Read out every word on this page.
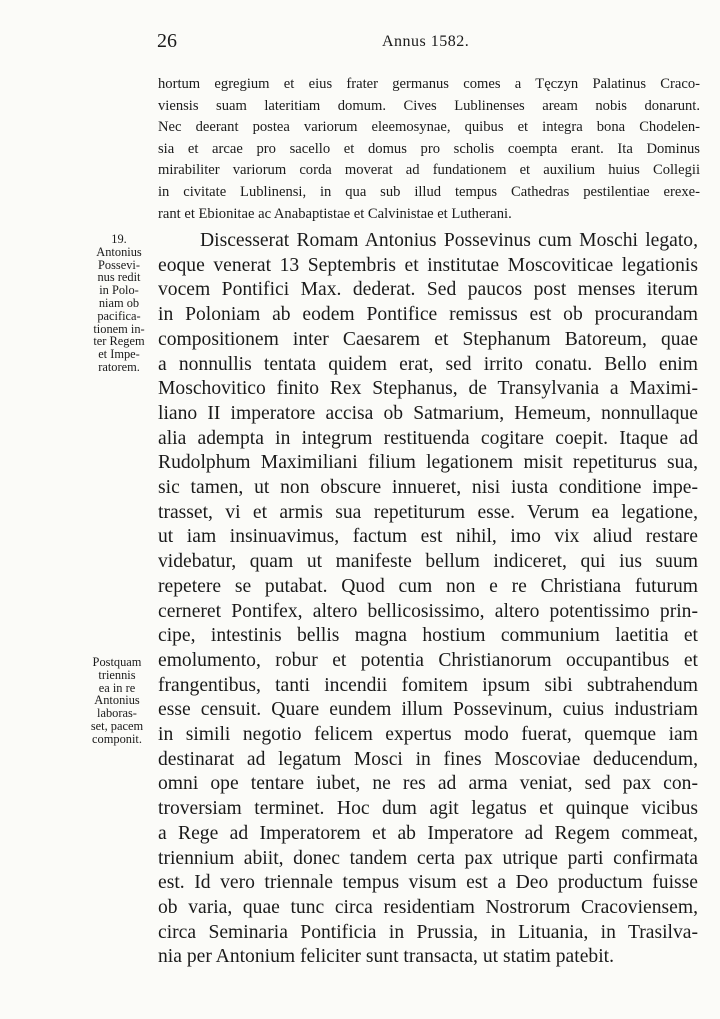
26	Annus 1582.
hortum egregium et eius frater germanus comes a Tęczyn Palatinus Craco-
viensis suam lateritiam domum. Cives Lublinenses aream nobis donarunt.
Nec deerant postea variorum eleemosynae, quibus et integra bona Chodelen-
sia et arcae pro sacello et domus pro scholis coempta erant. Ita Dominus
mirabiliter variorum corda moverat ad fundationem et auxilium huius Collegii
in civitate Lublinensi, in qua sub illud tempus Cathedras pestilentiae erexe-
rant et Ebionitae ac Anabaptistae et Calvinistae et Lutherani.
19.
Antonius
Possevi-
nus redit
in Polo-
niam ob
pacifica-
tionem in-
ter Regem
et Impe-
ratorem.
Postquam
triennis
ea in re
Antonius
laboras-
set, pacem
componit.
Discesserat Romam Antonius Possevinus cum Moschi legato,
eoque venerat 13 Septembris et institutae Moscoviticae legationis
vocem Pontifici Max. dederat. Sed paucos post menses iterum
in Poloniam ab eodem Pontifice remissus est ob procurandam
compositionem inter Caesarem et Stephanum Batoreum, quae
a nonnullis tentata quidem erat, sed irrito conatu. Bello enim
Moschovitico finito Rex Stephanus, de Transylvania a Maximi-
liano II imperatore accisa ob Satmarium, Hemeum, nonnullaque
alia adempta in integrum restituenda cogitare coepit. Itaque ad
Rudolphum Maximiliani filium legationem misit repetiturus sua,
sic tamen, ut non obscure innueret, nisi iusta conditione impe-
trasset, vi et armis sua repetiturum esse. Verum ea legatione,
ut iam insinuavimus, factum est nihil, imo vix aliud restare
videbatur, quam ut manifeste bellum indiceret, qui ius suum
repetere se putabat. Quod cum non e re Christiana futurum
cerneret Pontifex, altero bellicosissimo, altero potentissimo prin-
cipe, intestinis bellis magna hostium communium laetitia et
emolumento, robur et potentia Christianorum occupantibus et
frangentibus, tanti incendii fomitem ipsum sibi subtrahendum
esse censuit. Quare eundem illum Possevinum, cuius industriam
in simili negotio felicem expertus modo fuerat, quemque iam
destinarat ad legatum Mosci in fines Moscoviae deducendum,
omni ope tentare iubet, ne res ad arma veniat, sed pax con-
troversiam terminet. Hoc dum agit legatus et quinque vicibus
a Rege ad Imperatorem et ab Imperatore ad Regem commeat,
triennium abiit, donec tandem certa pax utrique parti confirmata
est. Id vero triennale tempus visum est a Deo productum fuisse
ob varia, quae tunc circa residentiam Nostrorum Cracoviensem,
circa Seminaria Pontificia in Prussia, in Lituania, in Trasilva-
nia per Antonium feliciter sunt transacta, ut statim patebit.
